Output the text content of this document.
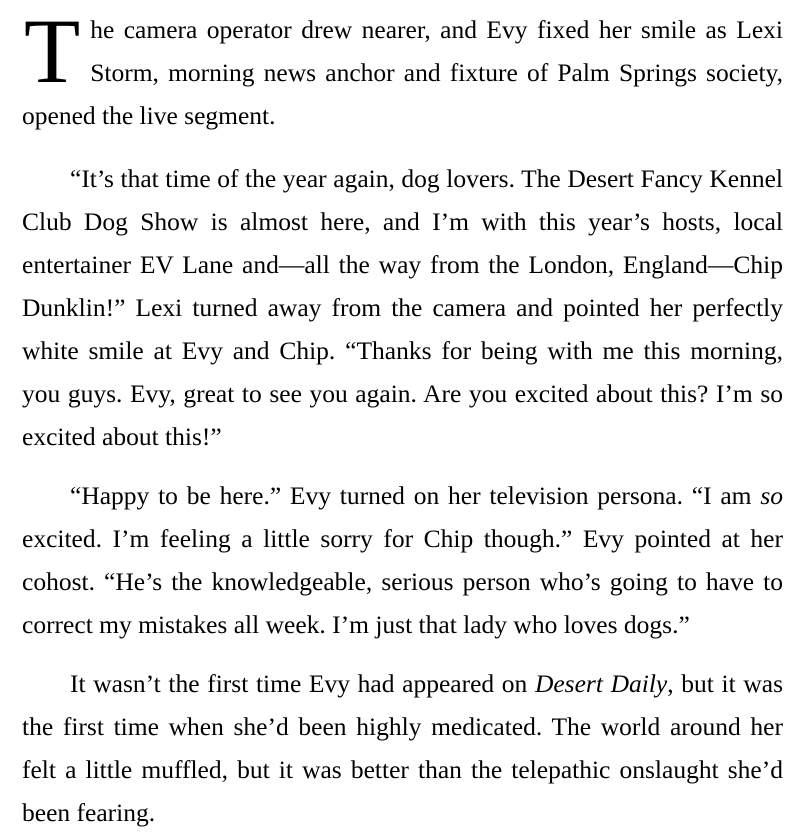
T he camera operator drew nearer, and Evy fixed her smile as Lexi Storm, morning news anchor and fixture of Palm Springs society, opened the live segment.

“It’s that time of the year again, dog lovers. The Desert Fancy Kennel Club Dog Show is almost here, and I’m with this year’s hosts, local entertainer EV Lane and—all the way from the London, England—Chip Dunklin!” Lexi turned away from the camera and pointed her perfectly white smile at Evy and Chip. “Thanks for being with me this morning, you guys. Evy, great to see you again. Are you excited about this? I’m so excited about this!”

“Happy to be here.” Evy turned on her television persona. “I am so excited. I’m feeling a little sorry for Chip though.” Evy pointed at her cohost. “He’s the knowledgeable, serious person who’s going to have to correct my mistakes all week. I’m just that lady who loves dogs.”

It wasn’t the first time Evy had appeared on Desert Daily, but it was the first time when she’d been highly medicated. The world around her felt a little muffled, but it was better than the telepathic onslaught she’d been fearing.
